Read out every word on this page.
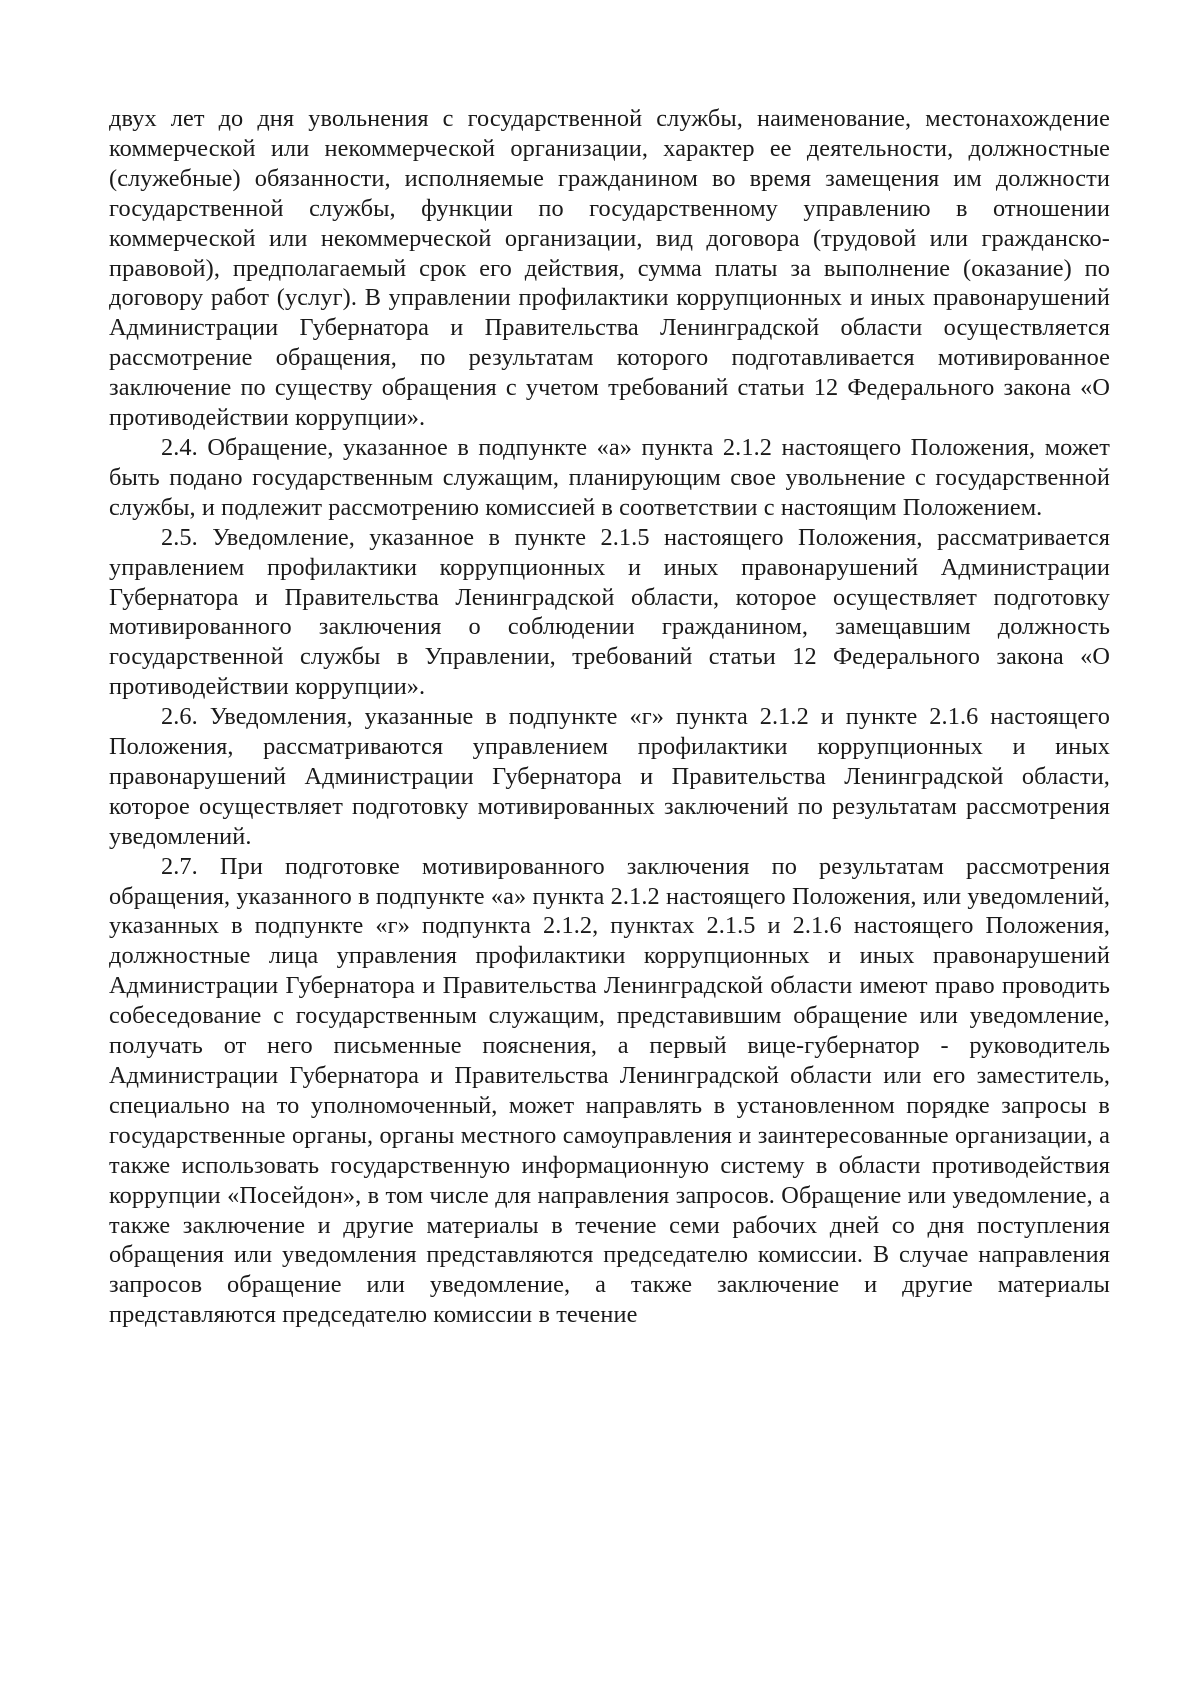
двух лет до дня увольнения с государственной службы, наименование, местонахождение коммерческой или некоммерческой организации, характер ее деятельности, должностные (служебные) обязанности, исполняемые гражданином во время замещения им должности государственной службы, функции по государственному управлению в отношении коммерческой или некоммерческой организации, вид договора (трудовой или гражданско-правовой), предполагаемый срок его действия, сумма платы за выполнение (оказание) по договору работ (услуг). В управлении профилактики коррупционных и иных правонарушений Администрации Губернатора и Правительства Ленинградской области осуществляется рассмотрение обращения, по результатам которого подготавливается мотивированное заключение по существу обращения с учетом требований статьи 12 Федерального закона «О противодействии коррупции».

2.4. Обращение, указанное в подпункте «а» пункта 2.1.2 настоящего Положения, может быть подано государственным служащим, планирующим свое увольнение с государственной службы, и подлежит рассмотрению комиссией в соответствии с настоящим Положением.

2.5. Уведомление, указанное в пункте 2.1.5 настоящего Положения, рассматривается управлением профилактики коррупционных и иных правонарушений Администрации Губернатора и Правительства Ленинградской области, которое осуществляет подготовку мотивированного заключения о соблюдении гражданином, замещавшим должность государственной службы в Управлении, требований статьи 12 Федерального закона «О противодействии коррупции».

2.6. Уведомления, указанные в подпункте «г» пункта 2.1.2 и пункте 2.1.6 настоящего Положения, рассматриваются управлением профилактики коррупционных и иных правонарушений Администрации Губернатора и Правительства Ленинградской области, которое осуществляет подготовку мотивированных заключений по результатам рассмотрения уведомлений.

2.7. При подготовке мотивированного заключения по результатам рассмотрения обращения, указанного в подпункте «а» пункта 2.1.2 настоящего Положения, или уведомлений, указанных в подпункте «г» подпункта 2.1.2, пунктах 2.1.5 и 2.1.6 настоящего Положения, должностные лица управления профилактики коррупционных и иных правонарушений Администрации Губернатора и Правительства Ленинградской области имеют право проводить собеседование с государственным служащим, представившим обращение или уведомление, получать от него письменные пояснения, а первый вице-губернатор - руководитель Администрации Губернатора и Правительства Ленинградской области или его заместитель, специально на то уполномоченный, может направлять в установленном порядке запросы в государственные органы, органы местного самоуправления и заинтересованные организации, а также использовать государственную информационную систему в области противодействия коррупции «Посейдон», в том числе для направления запросов. Обращение или уведомление, а также заключение и другие материалы в течение семи рабочих дней со дня поступления обращения или уведомления представляются председателю комиссии. В случае направления запросов обращение или уведомление, а также заключение и другие материалы представляются председателю комиссии в течение
